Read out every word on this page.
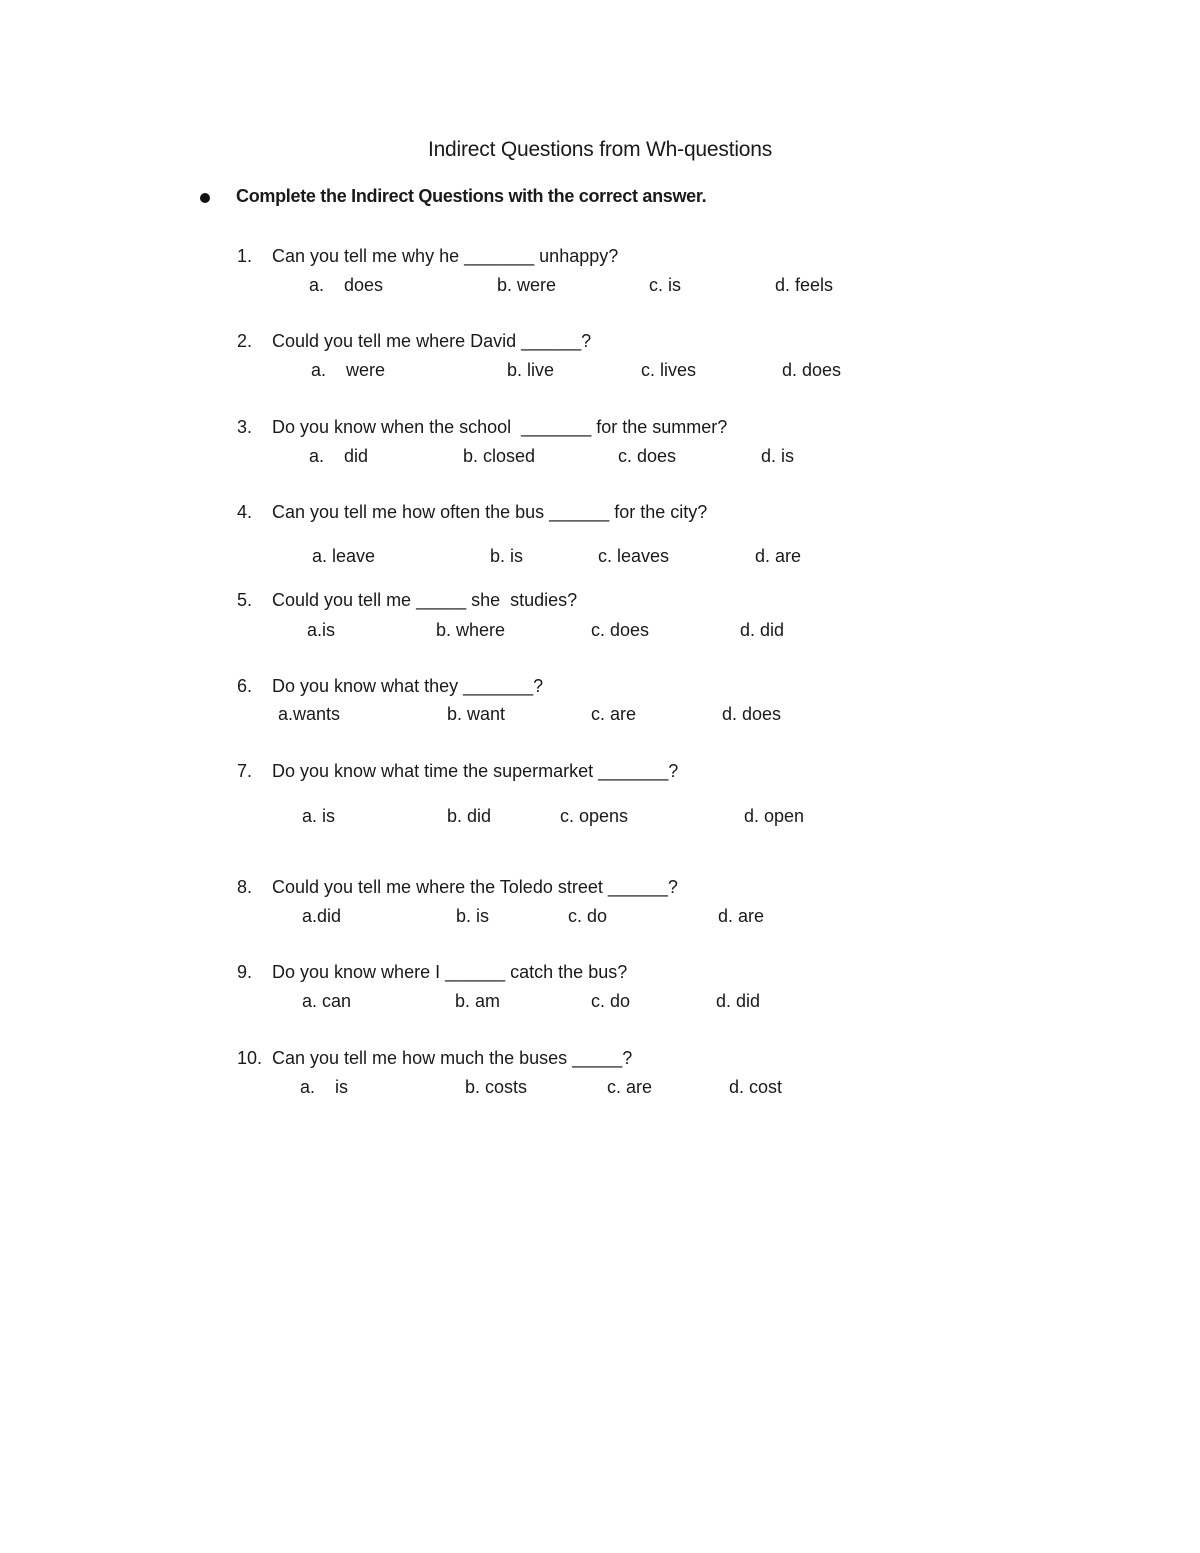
Indirect Questions from Wh-questions
Complete the Indirect Questions with the correct answer.
1. Can you tell me why he _______ unhappy?
a.    does	b. were	c. is	d. feels
2. Could you tell me where David ______?
a.    were	b. live	c. lives	d. does
3. Do you know when the school  _______ for the summer?
a.    did	b. closed	c. does	d. is
4. Can you tell me how often the bus ______ for the city?
a. leave	b. is	c. leaves	d. are
5. Could you tell me _____ she  studies?
a.is	b. where	c. does	d. did
6. Do you know what they _______?
a.wants	b. want	c. are	d. does
7. Do you know what time the supermarket _______?
a. is	b. did	c. opens	d. open
8. Could you tell me where the Toledo street ______?
a.did	b. is	c. do	d. are
9. Do you know where I ______ catch the bus?
a. can	b. am	c. do	d. did
10. Can you tell me how much the buses _____?
a.    is	b. costs	c. are	d. cost
